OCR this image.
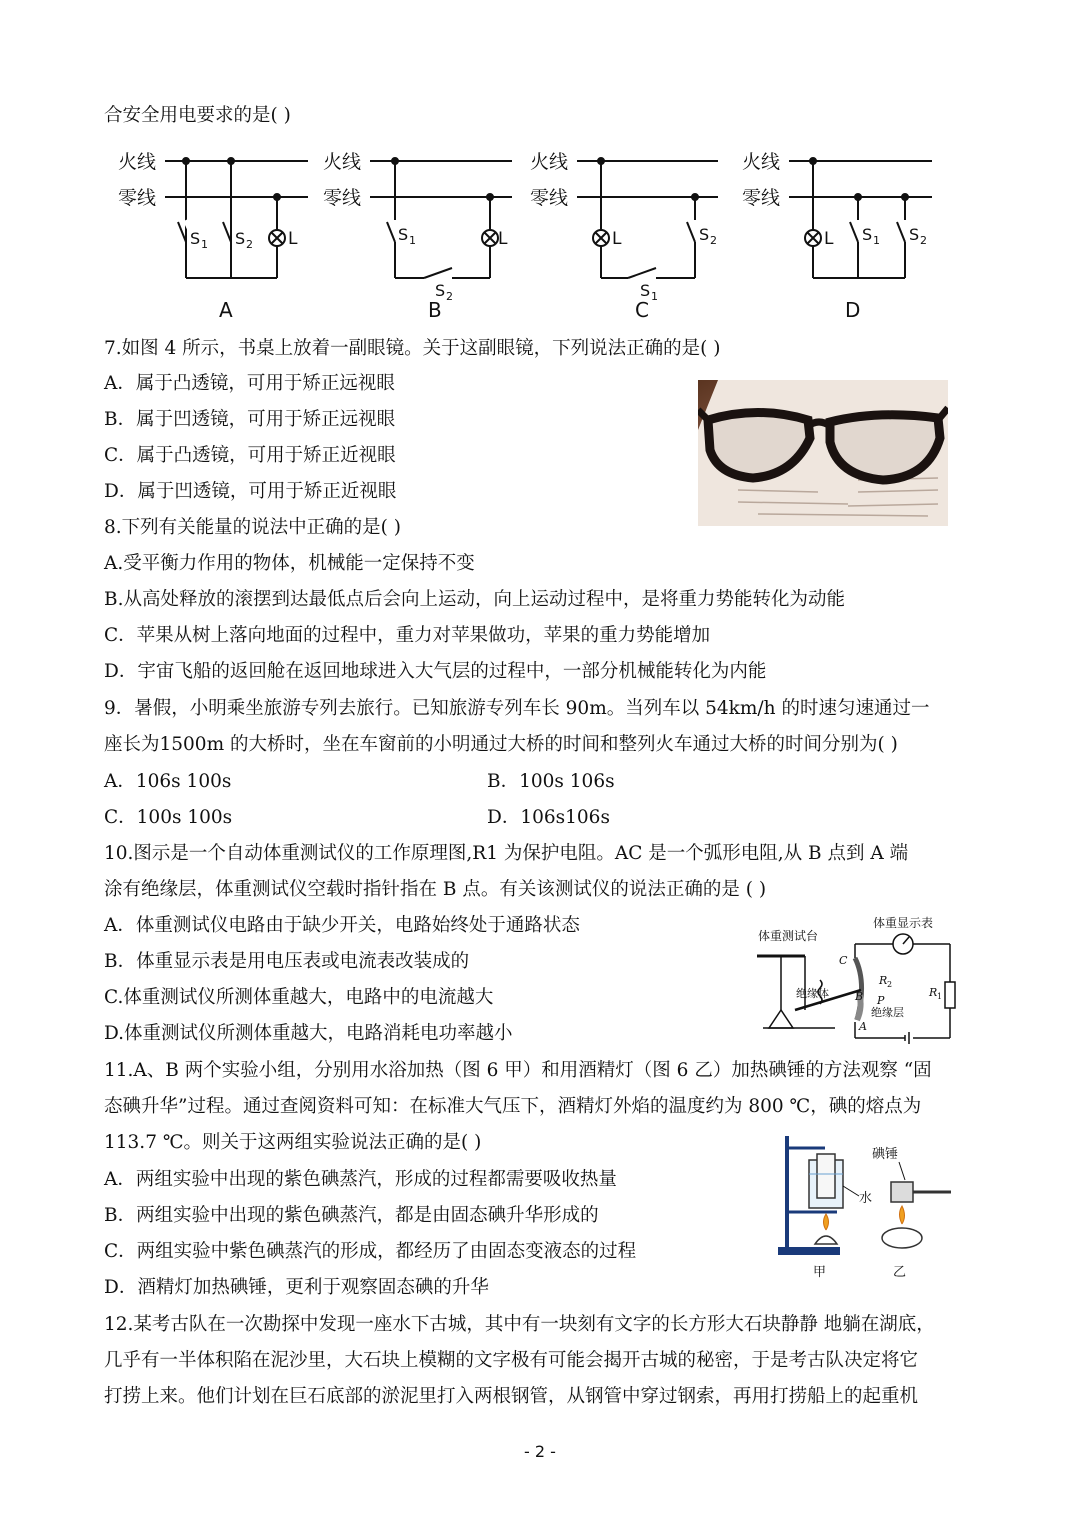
合安全用电要求的是( )
火线
零线
S 1 S 2 L
A
火线
零线
S 1	L
S 2
B
火线
零线
L	S 2
S 1
C
火线
零线
L S 1 S 2
D
7.如图 4 所示，书桌上放着一副眼镜。关于这副眼镜，下列说法正确的是( )
A．属于凸透镜，可用于矫正远视眼
B．属于凹透镜，可用于矫正远视眼
C．属于凸透镜，可用于矫正近视眼
D．属于凹透镜，可用于矫正近视眼
8.下列有关能量的说法中正确的是( )
A.受平衡力作用的物体，机械能一定保持不变
B.从高处释放的滚摆到达最低点后会向上运动，向上运动过程中，是将重力势能转化为动能
C．苹果从树上落向地面的过程中，重力对苹果做功，苹果的重力势能增加
D．宇宙飞船的返回舱在返回地球进入大气层的过程中，一部分机械能转化为内能
9．暑假，小明乘坐旅游专列去旅行。已知旅游专列车长 90m。当列车以 54km/h 的时速匀速通过一
座长为1500m 的大桥时，坐在车窗前的小明通过大桥的时间和整列火车通过大桥的时间分别为( )
A．106s 100s	B．100s 106s
C．100s 100s	D．106s106s
10.图示是一个自动体重测试仪的工作原理图,R1 为保护电阻。AC 是一个弧形电阻,从 B 点到 A 端
涂有绝缘层，体重测试仪空载时指针指在 B 点。有关该测试仪的说法正确的是 ( )
A．体重测试仪电路由于缺少开关，电路始终处于通路状态
B．体重显示表是用电压表或电流表改装成的
C.体重测试仪所测体重越大，电路中的电流越大
D.体重测试仪所测体重越大，电路消耗电功率越小
体重测试台
体重显示表
绝缘体
绝缘层
R 1
R 2
C
B
A
P
11.A、B 两个实验小组，分别用水浴加热（图 6 甲）和用酒精灯（图 6 乙）加热碘锤的方法观察 “固
态碘升华”过程。通过查阅资料可知：在标准大气压下，酒精灯外焰的温度约为 800 ℃，碘的熔点为
113.7 ℃。则关于这两组实验说法正确的是( )
A．两组实验中出现的紫色碘蒸汽，形成的过程都需要吸收热量
B．两组实验中出现的紫色碘蒸汽，都是由固态碘升华形成的
C．两组实验中紫色碘蒸汽的形成，都经历了由固态变液态的过程
D．酒精灯加热碘锤，更利于观察固态碘的升华
水
碘锤
甲	乙
12.某考古队在一次勘探中发现一座水下古城，其中有一块刻有文字的长方形大石块静静 地躺在湖底，
几乎有一半体积陷在泥沙里，大石块上模糊的文字极有可能会揭开古城的秘密，于是考古队决定将它
打捞上来。他们计划在巨石底部的淤泥里打入两根钢管，从钢管中穿过钢索，再用打捞船上的起重机
- 2 -
